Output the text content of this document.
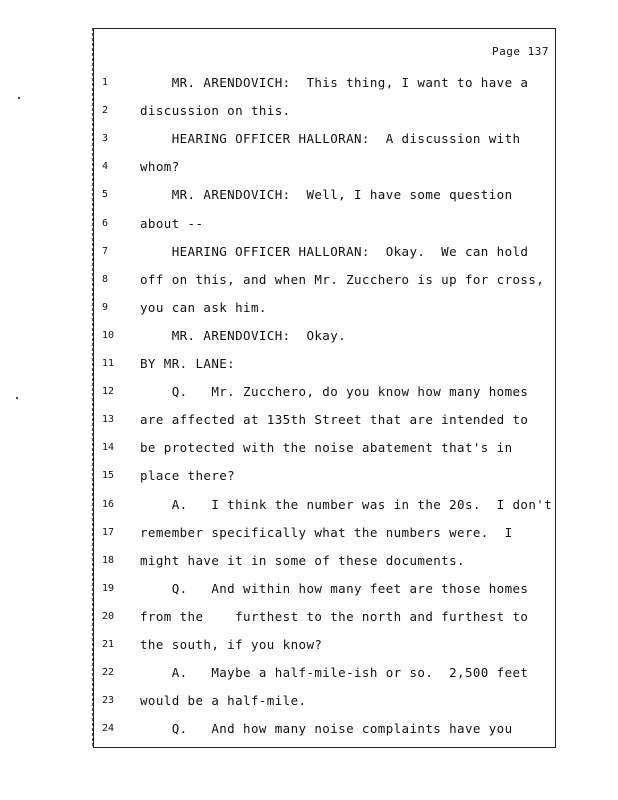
Page 137
1	MR. ARENDOVICH:  This thing, I want to have a
2	discussion on this.
3	HEARING OFFICER HALLORAN:  A discussion with
4	whom?
5	MR. ARENDOVICH:  Well, I have some question
6	about --
7	HEARING OFFICER HALLORAN:  Okay.  We can hold
8	off on this, and when Mr. Zucchero is up for cross,
9	you can ask him.
10	MR. ARENDOVICH:  Okay.
11	BY MR. LANE:
12	Q.   Mr. Zucchero, do you know how many homes
13	are affected at 135th Street that are intended to
14	be protected with the noise abatement that's in
15	place there?
16	A.   I think the number was in the 20s.  I don't
17	remember specifically what the numbers were.  I
18	might have it in some of these documents.
19	Q.   And within how many feet are those homes
20	from the    furthest to the north and furthest to
21	the south, if you know?
22	A.   Maybe a half-mile-ish or so.  2,500 feet
23	would be a half-mile.
24	Q.   And how many noise complaints have you
